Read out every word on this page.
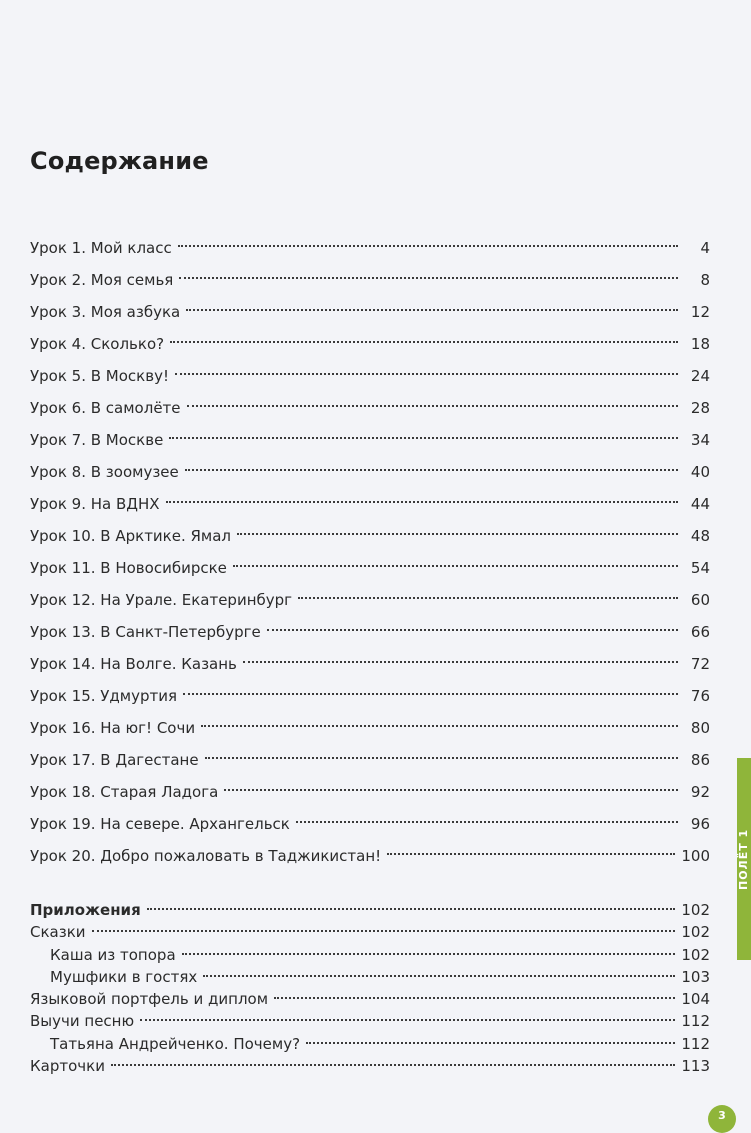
Содержание
Урок 1. Мой класс	4
Урок 2. Моя семья	8
Урок 3. Моя азбука	12
Урок 4. Сколько?	18
Урок 5. В Москву!	24
Урок 6. В самолёте	28
Урок 7. В Москве	34
Урок 8. В зоомузее	40
Урок 9. На ВДНХ	44
Урок 10. В Арктике. Ямал	48
Урок 11. В Новосибирске	54
Урок 12. На Урале. Екатеринбург	60
Урок 13. В Санкт-Петербурге	66
Урок 14. На Волге. Казань	72
Урок 15. Удмуртия	76
Урок 16. На юг! Сочи	80
Урок 17. В Дагестане	86
Урок 18. Старая Ладога	92
Урок 19. На севере. Архангельск	96
Урок 20. Добро пожаловать в Таджикистан!	100
Приложения	102
Сказки	102
Каша из топора	102
Мушфики в гостях	103
Языковой портфель и диплом	104
Выучи песню	112
Татьяна Андрейченко. Почему?	112
Карточки	113
ПОЛЁТ 1
3
